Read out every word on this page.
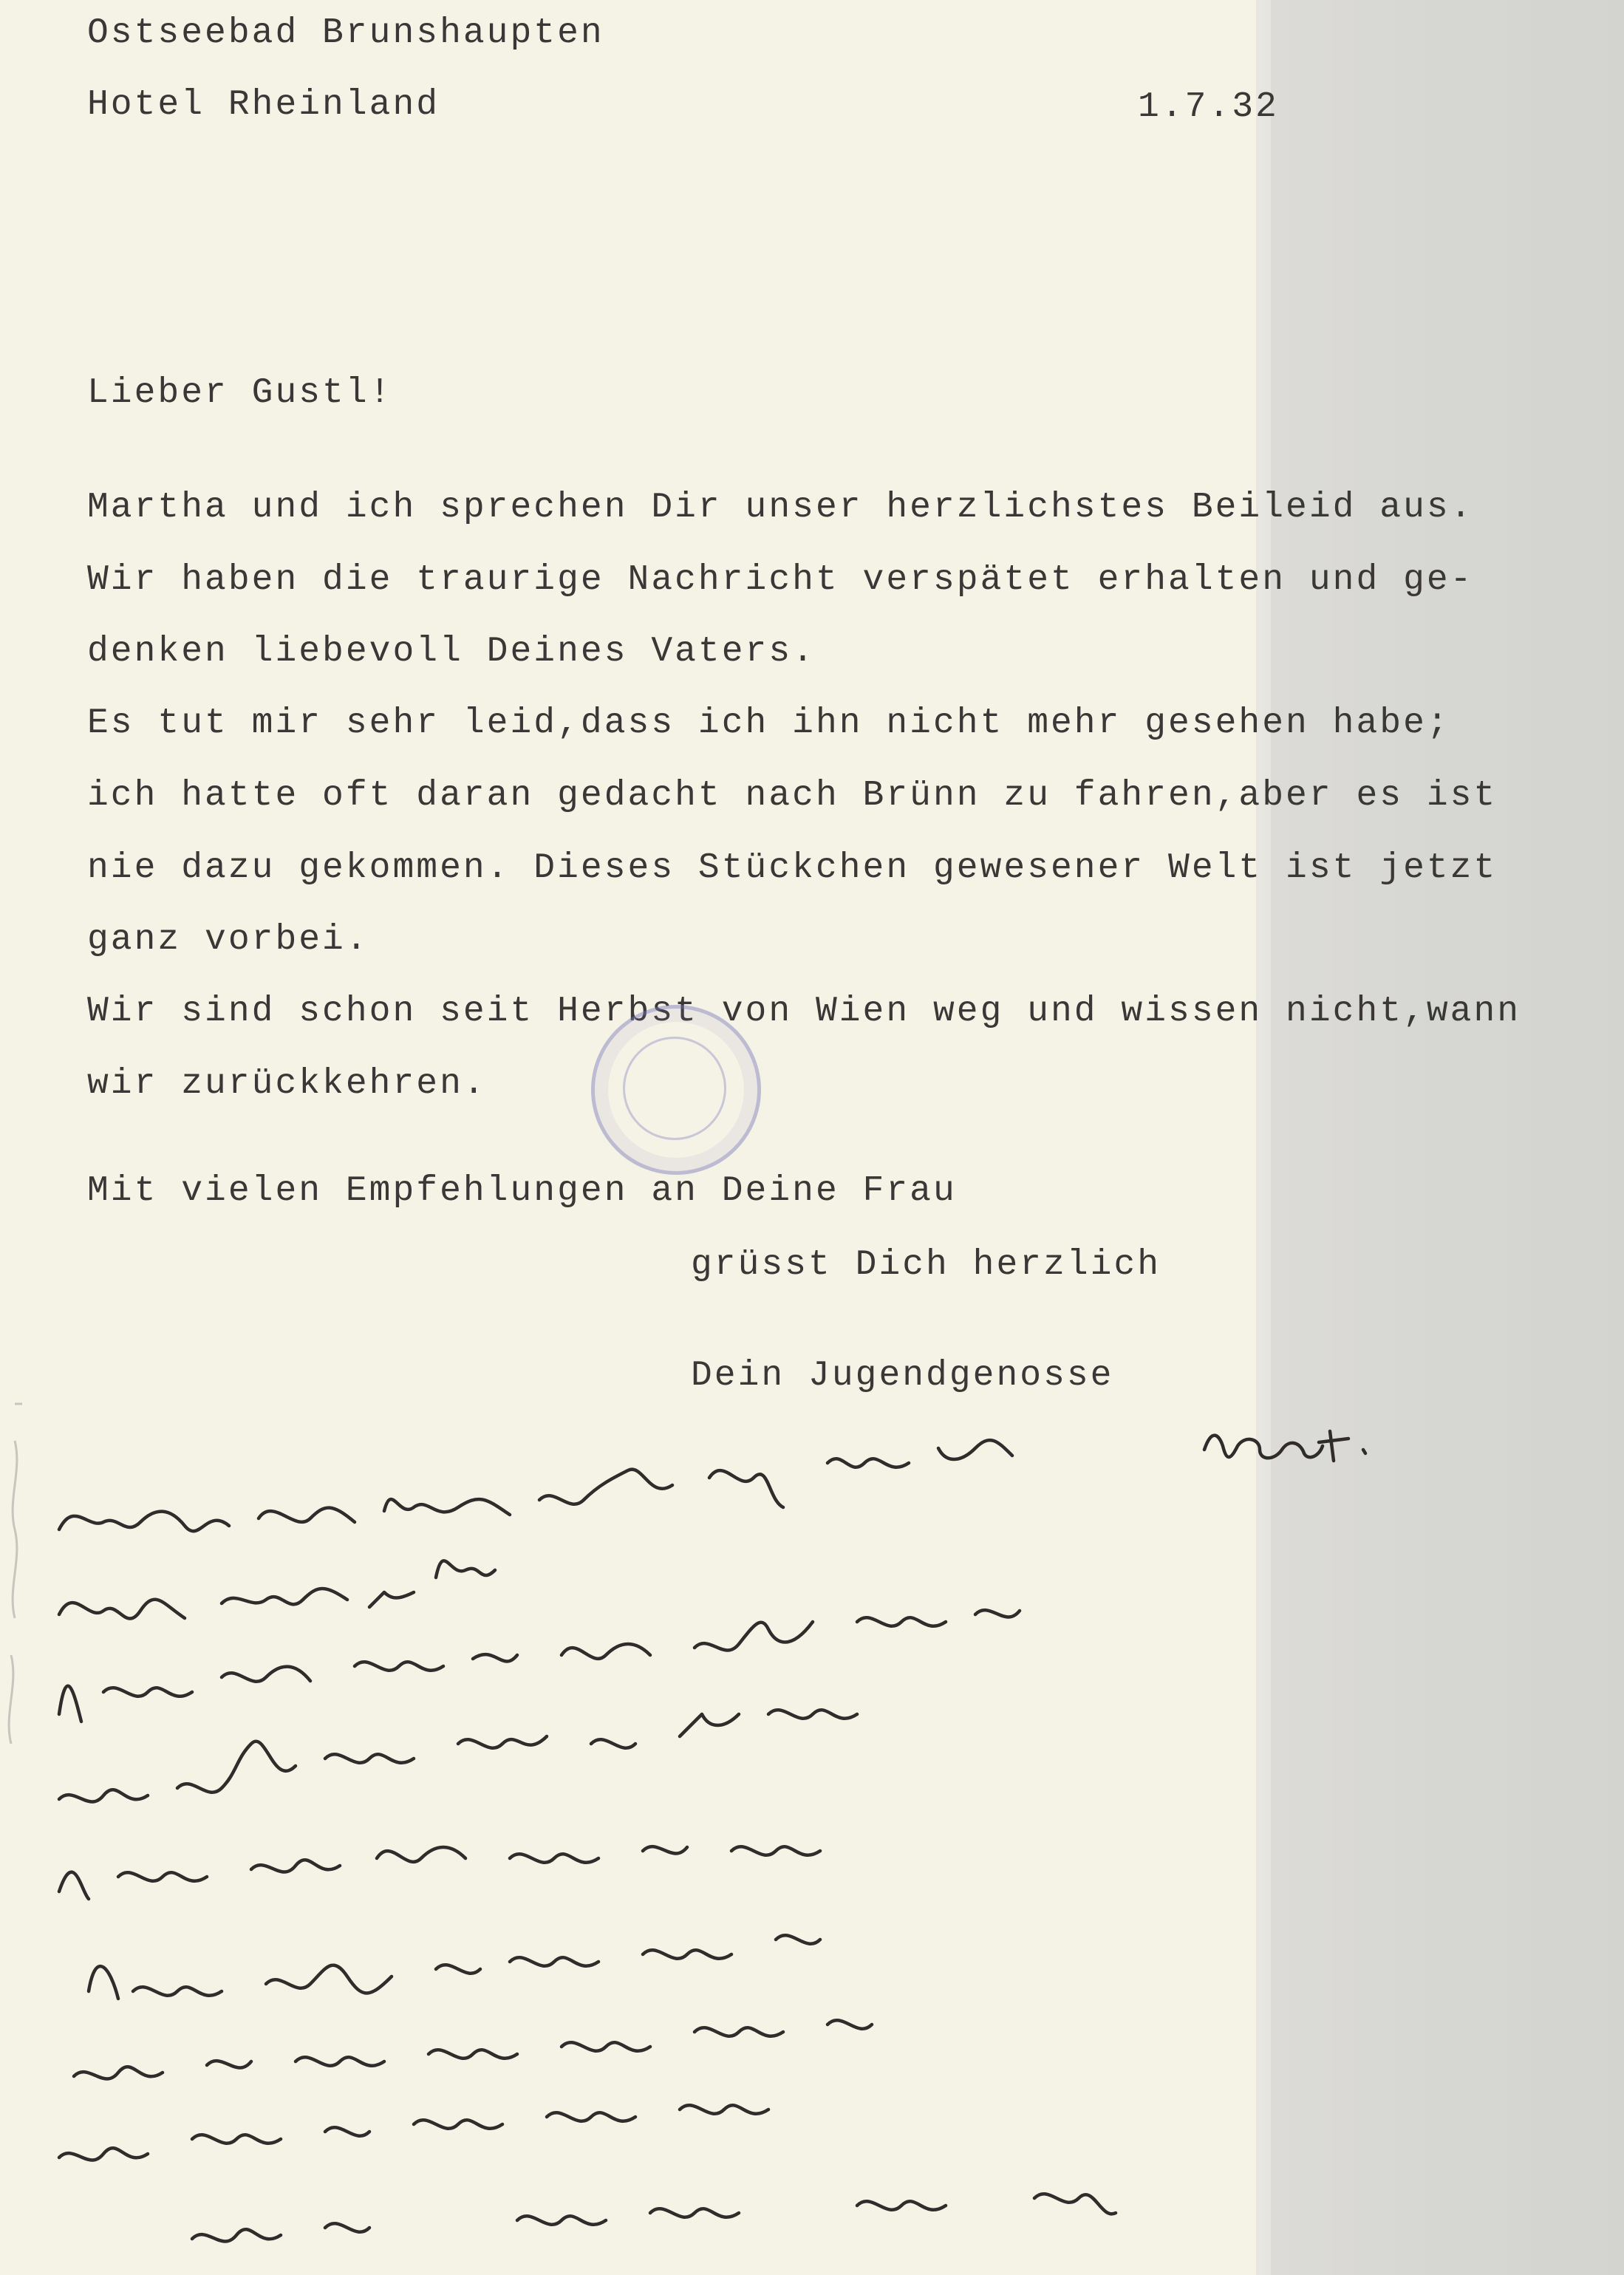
Ostseebad Brunshaupten
Hotel Rheinland	1.7.32
Lieber Gustl!
Martha und ich sprechen Dir unser herzlichstes Beileid aus.
Wir haben die traurige Nachricht verspätet erhalten und ge-
denken liebevoll Deines Vaters.
Es tut mir sehr leid,dass ich ihn nicht mehr gesehen habe;
ich hatte oft daran gedacht nach Brünn zu fahren,aber es ist
nie dazu gekommen. Dieses Stückchen gewesener Welt ist jetzt
ganz vorbei.
Wir sind schon seit Herbst von Wien weg und wissen nicht,wann
wir zurückkehren.
Mit vielen Empfehlungen an Deine Frau
grüsst Dich herzlich
Dein Jugendgenosse
